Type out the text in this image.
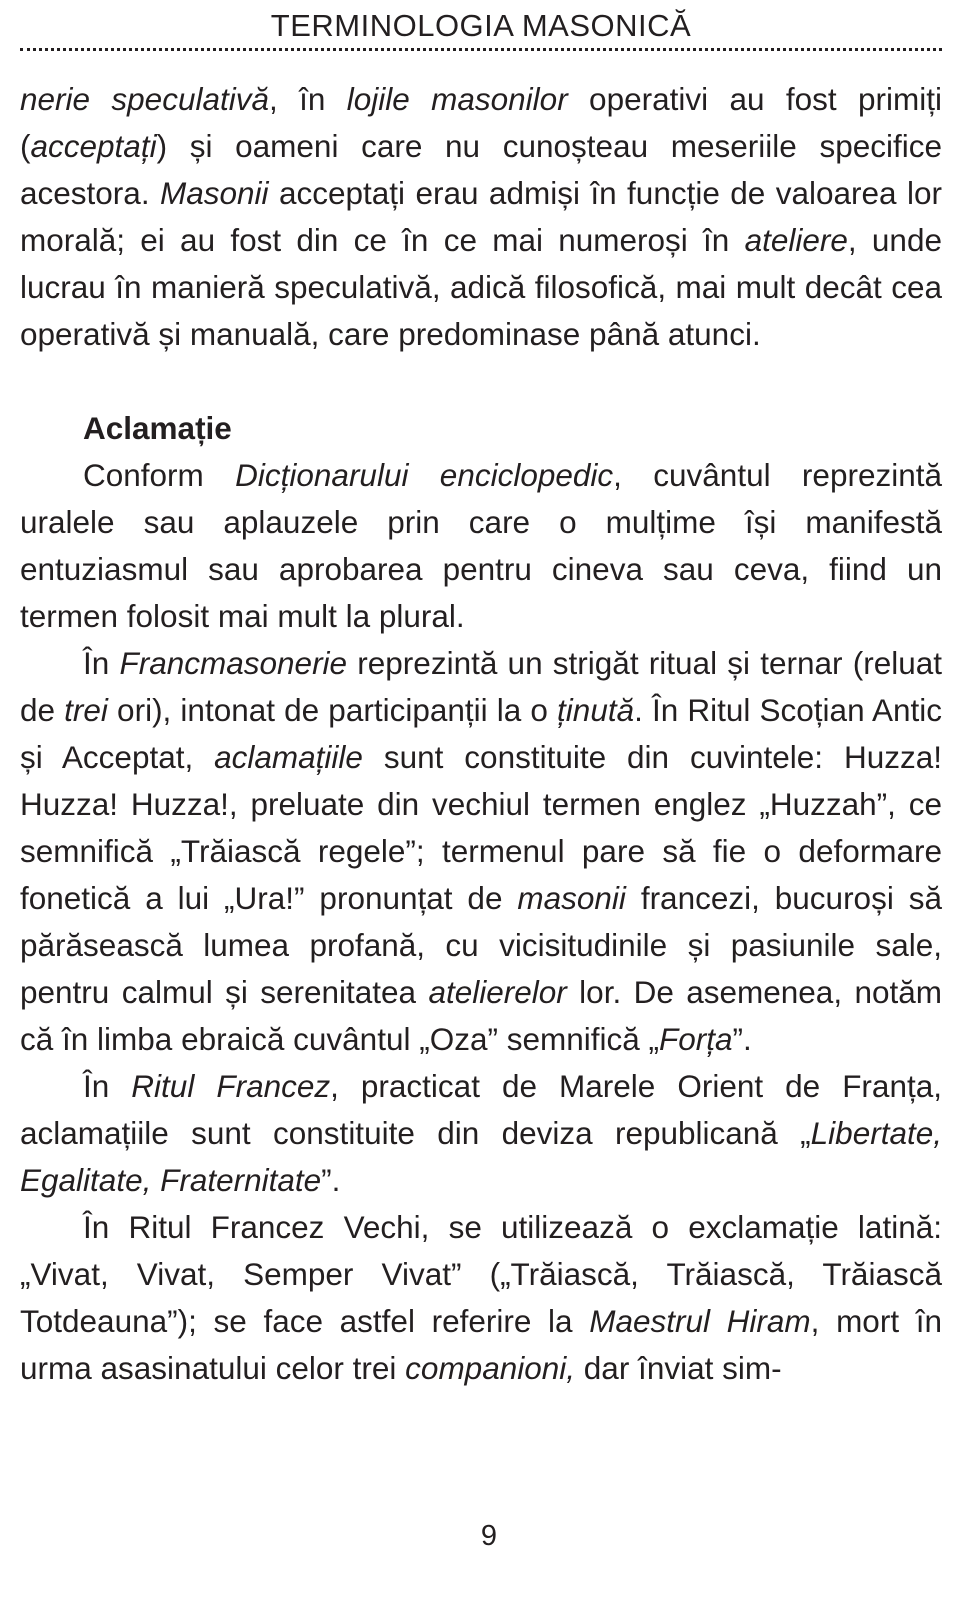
TERMINOLOGIA MASONICĂ

nerie speculativă, în lojile masonilor operativi au fost primiți (acceptați) și oameni care nu cunoșteau meseriile specifice acestora. Masonii acceptați erau admiși în funcție de valoarea lor morală; ei au fost din ce în ce mai numeroși în ateliere, unde lucrau în manieră speculativă, adică filosofică, mai mult decât cea operativă și manuală, care predominase până atunci.

Aclamație

Conform Dicționarului enciclopedic, cuvântul reprezintă uralele sau aplauzele prin care o mulțime își manifestă entuziasmul sau aprobarea pentru cineva sau ceva, fiind un termen folosit mai mult la plural.

În Francmasonerie reprezintă un strigăt ritual și ternar (reluat de trei ori), intonat de participanții la o ținută. În Ritul Scoțian Antic și Acceptat, aclamațiile sunt constituite din cuvintele: Huzza! Huzza! Huzza!, preluate din vechiul termen englez „Huzzah”, ce semnifică „Trăiască regele”; termenul pare să fie o deformare fonetică a lui „Ura!” pronunțat de masonii francezi, bucuroși să părăsească lumea profană, cu vicisitudinile și pasiunile sale, pentru calmul și serenitatea atelierelor lor. De asemenea, notăm că în limba ebraică cuvântul „Oza” semnifică „Forța”.

În Ritul Francez, practicat de Marele Orient de Franța, aclamațiile sunt constituite din deviza republicană „Libertate, Egalitate, Fraternitate”.

În Ritul Francez Vechi, se utilizează o exclamație latină: „Vivat, Vivat, Semper Vivat” („Trăiască, Trăiască, Trăiască Totdeauna”); se face astfel referire la Maestrul Hiram, mort în urma asasinatului celor trei companioni, dar înviat sim-

9
